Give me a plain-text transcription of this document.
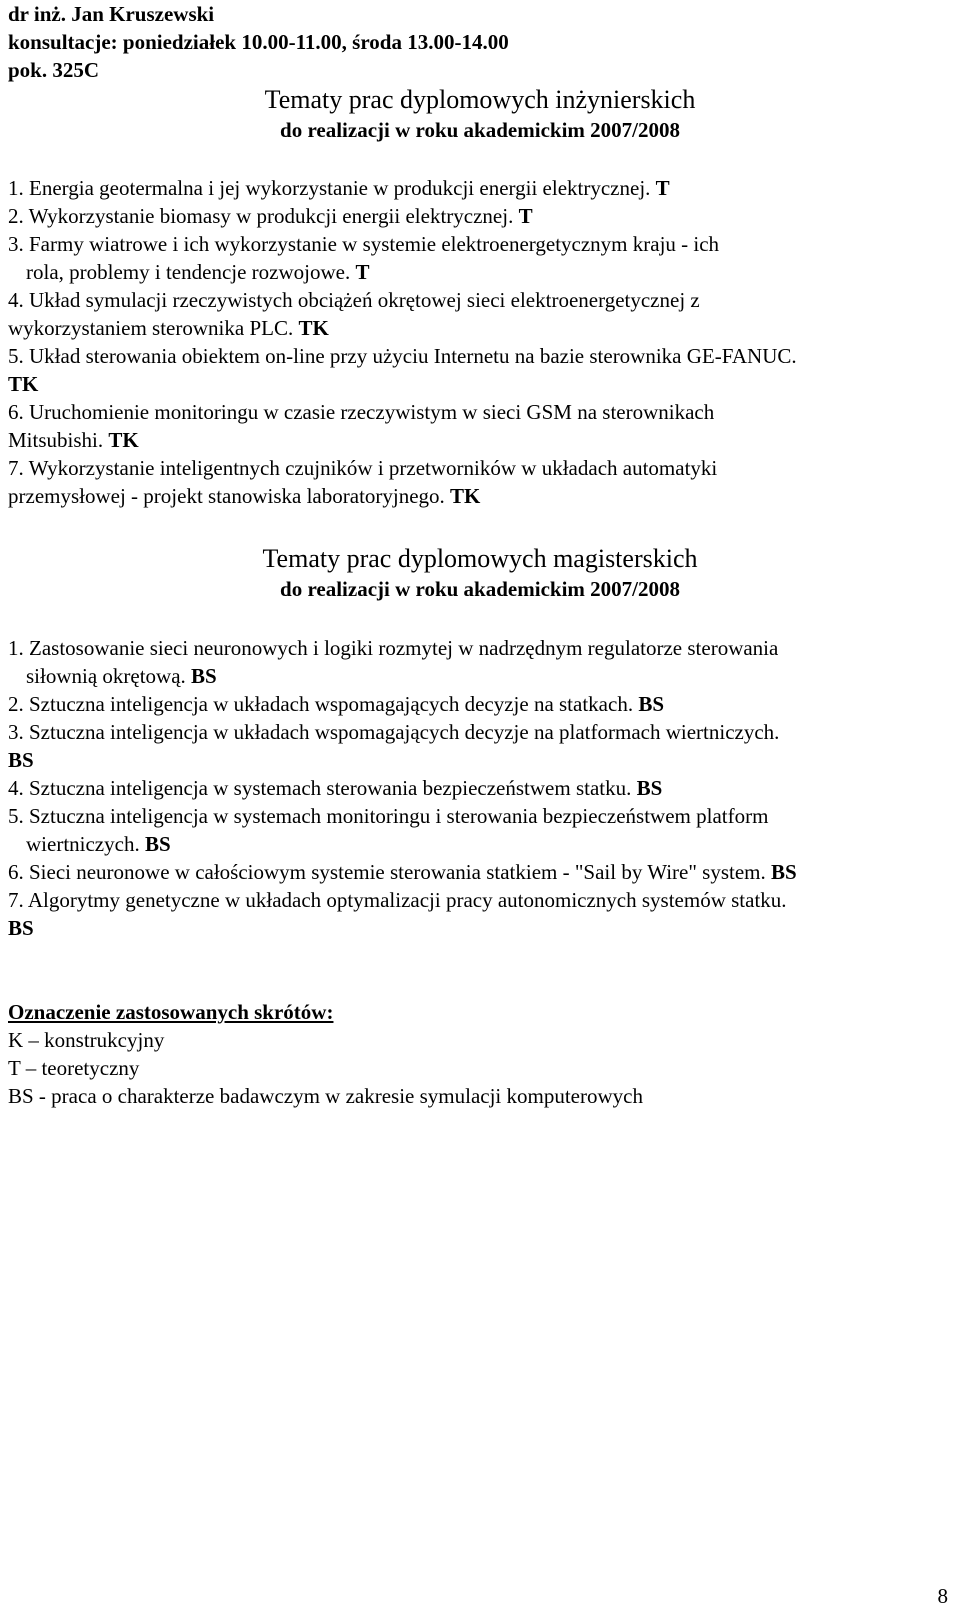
dr inż. Jan Kruszewski
konsultacje: poniedziałek 10.00-11.00, środa 13.00-14.00
pok. 325C
Tematy prac dyplomowych inżynierskich
do realizacji w roku akademickim 2007/2008
1. Energia geotermalna i jej wykorzystanie w produkcji energii elektrycznej. T
2. Wykorzystanie biomasy w produkcji energii elektrycznej. T
3. Farmy wiatrowe i ich wykorzystanie w systemie elektroenergetycznym kraju - ich
rola, problemy i tendencje rozwojowe. T
4. Układ symulacji rzeczywistych obciążeń okrętowej sieci elektroenergetycznej z
wykorzystaniem sterownika PLC. TK
5. Układ sterowania obiektem on-line przy użyciu Internetu na bazie sterownika GE-FANUC.
TK
6. Uruchomienie monitoringu w czasie rzeczywistym w sieci GSM na sterownikach
Mitsubishi. TK
7. Wykorzystanie inteligentnych czujników i przetworników w układach automatyki
przemysłowej - projekt stanowiska laboratoryjnego. TK
Tematy prac dyplomowych magisterskich
do realizacji w roku akademickim 2007/2008
1. Zastosowanie sieci neuronowych i logiki rozmytej w nadrzędnym regulatorze sterowania
siłownią okrętową. BS
2. Sztuczna inteligencja w układach wspomagających decyzje na statkach. BS
3. Sztuczna inteligencja w układach wspomagających decyzje na platformach wiertniczych.
BS
4. Sztuczna inteligencja w systemach sterowania bezpieczeństwem statku. BS
5. Sztuczna inteligencja w systemach monitoringu i sterowania bezpieczeństwem platform
wiertniczych. BS
6. Sieci neuronowe w całościowym systemie sterowania statkiem - "Sail by Wire" system. BS
7. Algorytmy genetyczne w układach optymalizacji pracy autonomicznych systemów statku.
BS
Oznaczenie zastosowanych skrótów:
K – konstrukcyjny
T – teoretyczny
BS - praca o charakterze badawczym w zakresie symulacji komputerowych
8
